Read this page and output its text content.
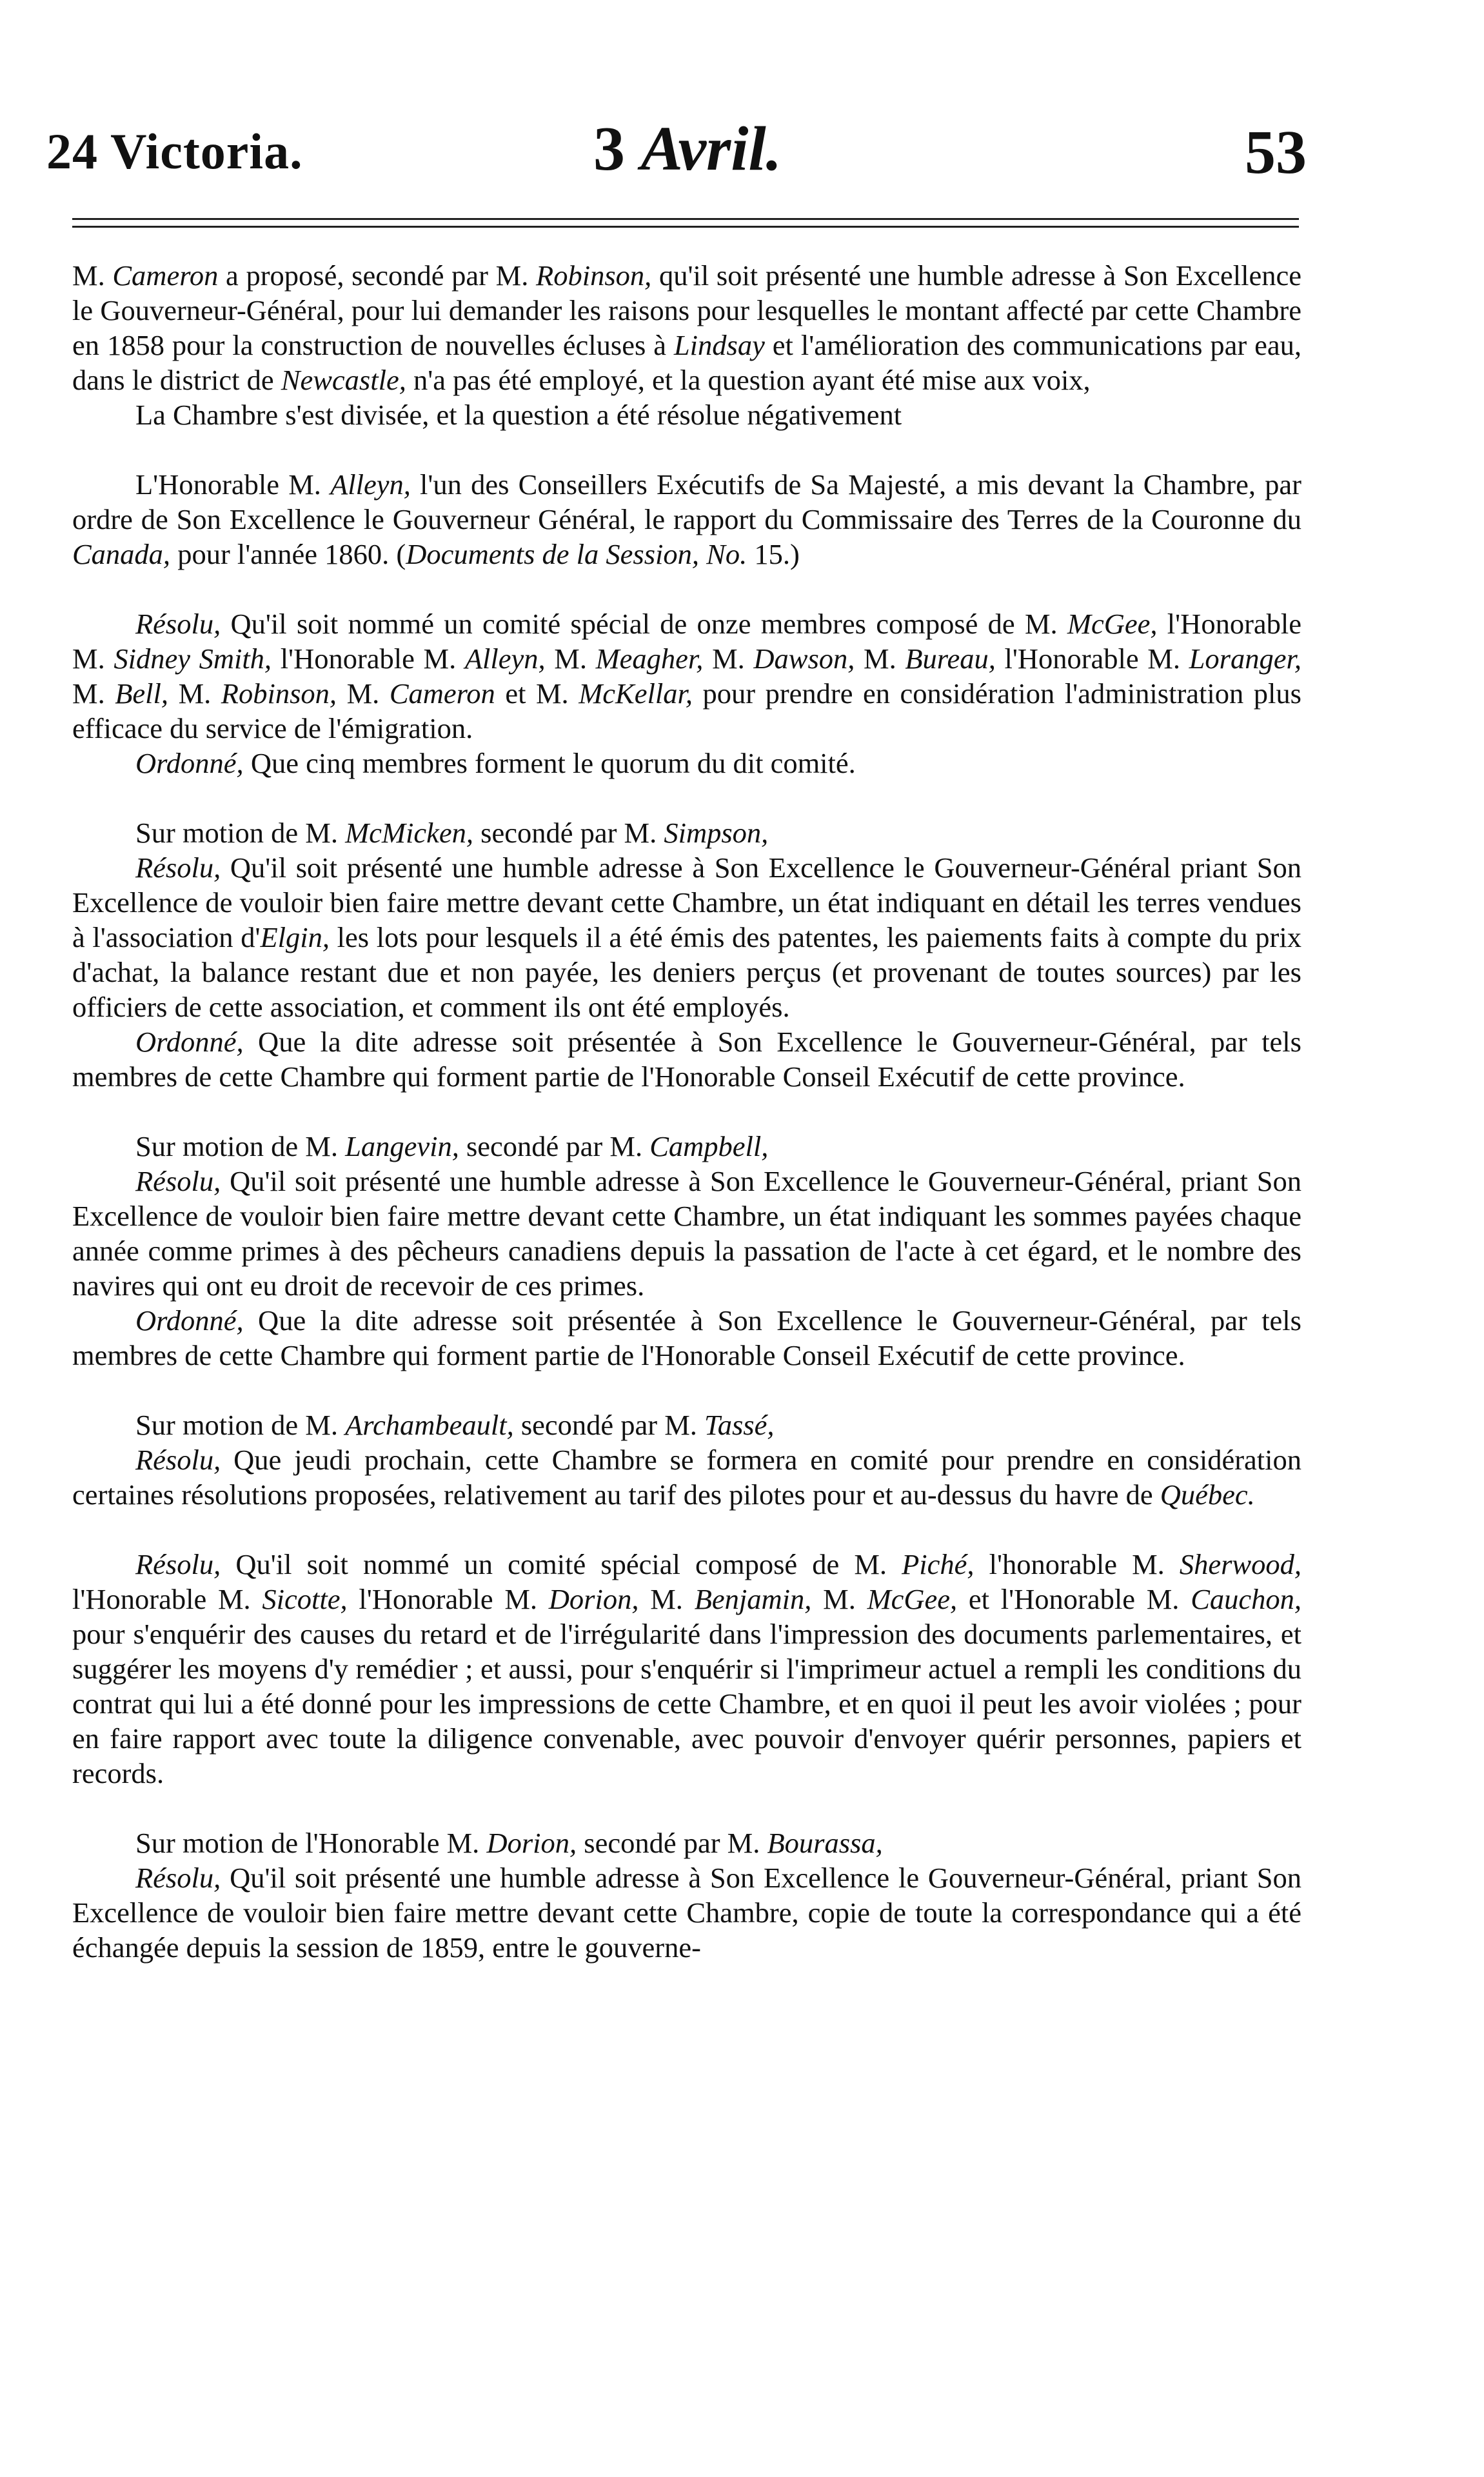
24 Victoria.	3 Avril.	53

M. Cameron a proposé, secondé par M. Robinson, qu'il soit présenté une humble adresse à Son Excellence le Gouverneur-Général, pour lui demander les raisons pour lesquelles le montant affecté par cette Chambre en 1858 pour la construction de nouvelles écluses à Lindsay et l'amélioration des communications par eau, dans le district de Newcastle, n'a pas été employé, et la question ayant été mise aux voix,

La Chambre s'est divisée, et la question a été résolue négativement

L'Honorable M. Alleyn, l'un des Conseillers Exécutifs de Sa Majesté, a mis devant la Chambre, par ordre de Son Excellence le Gouverneur Général, le rapport du Commissaire des Terres de la Couronne du Canada, pour l'année 1860. (Documents de la Session, No. 15.)

Résolu, Qu'il soit nommé un comité spécial de onze membres composé de M. McGee, l'Honorable M. Sidney Smith, l'Honorable M. Alleyn, M. Meagher, M. Dawson, M. Bureau, l'Honorable M. Loranger, M. Bell, M. Robinson, M. Cameron et M. McKellar, pour prendre en considération l'administration plus efficace du service de l'émigration.

Ordonné, Que cinq membres forment le quorum du dit comité.

Sur motion de M. McMicken, secondé par M. Simpson,

Résolu, Qu'il soit présenté une humble adresse à Son Excellence le Gouverneur-Général priant Son Excellence de vouloir bien faire mettre devant cette Chambre, un état indiquant en détail les terres vendues à l'association d'Elgin, les lots pour lesquels il a été émis des patentes, les paiements faits à compte du prix d'achat, la balance restant due et non payée, les deniers perçus (et provenant de toutes sources) par les officiers de cette association, et comment ils ont été employés.

Ordonné, Que la dite adresse soit présentée à Son Excellence le Gouverneur-Général, par tels membres de cette Chambre qui forment partie de l'Honorable Conseil Exécutif de cette province.

Sur motion de M. Langevin, secondé par M. Campbell,

Résolu, Qu'il soit présenté une humble adresse à Son Excellence le Gouverneur-Général, priant Son Excellence de vouloir bien faire mettre devant cette Chambre, un état indiquant les sommes payées chaque année comme primes à des pêcheurs canadiens depuis la passation de l'acte à cet égard, et le nombre des navires qui ont eu droit de recevoir de ces primes.

Ordonné, Que la dite adresse soit présentée à Son Excellence le Gouverneur-Général, par tels membres de cette Chambre qui forment partie de l'Honorable Conseil Exécutif de cette province.

Sur motion de M. Archambeault, secondé par M. Tassé,

Résolu, Que jeudi prochain, cette Chambre se formera en comité pour prendre en considération certaines résolutions proposées, relativement au tarif des pilotes pour et au-dessus du havre de Québec.

Résolu, Qu'il soit nommé un comité spécial composé de M. Piché, l'honorable M. Sherwood, l'Honorable M. Sicotte, l'Honorable M. Dorion, M. Benjamin, M. McGee, et l'Honorable M. Cauchon, pour s'enquérir des causes du retard et de l'irrégularité dans l'impression des documents parlementaires, et suggérer les moyens d'y remédier ; et aussi, pour s'enquérir si l'imprimeur actuel a rempli les conditions du contrat qui lui a été donné pour les impressions de cette Chambre, et en quoi il peut les avoir violées ; pour en faire rapport avec toute la diligence convenable, avec pouvoir d'envoyer quérir personnes, papiers et records.

Sur motion de l'Honorable M. Dorion, secondé par M. Bourassa,

Résolu, Qu'il soit présenté une humble adresse à Son Excellence le Gouverneur-Général, priant Son Excellence de vouloir bien faire mettre devant cette Chambre, copie de toute la correspondance qui a été échangée depuis la session de 1859, entre le gouverne-
